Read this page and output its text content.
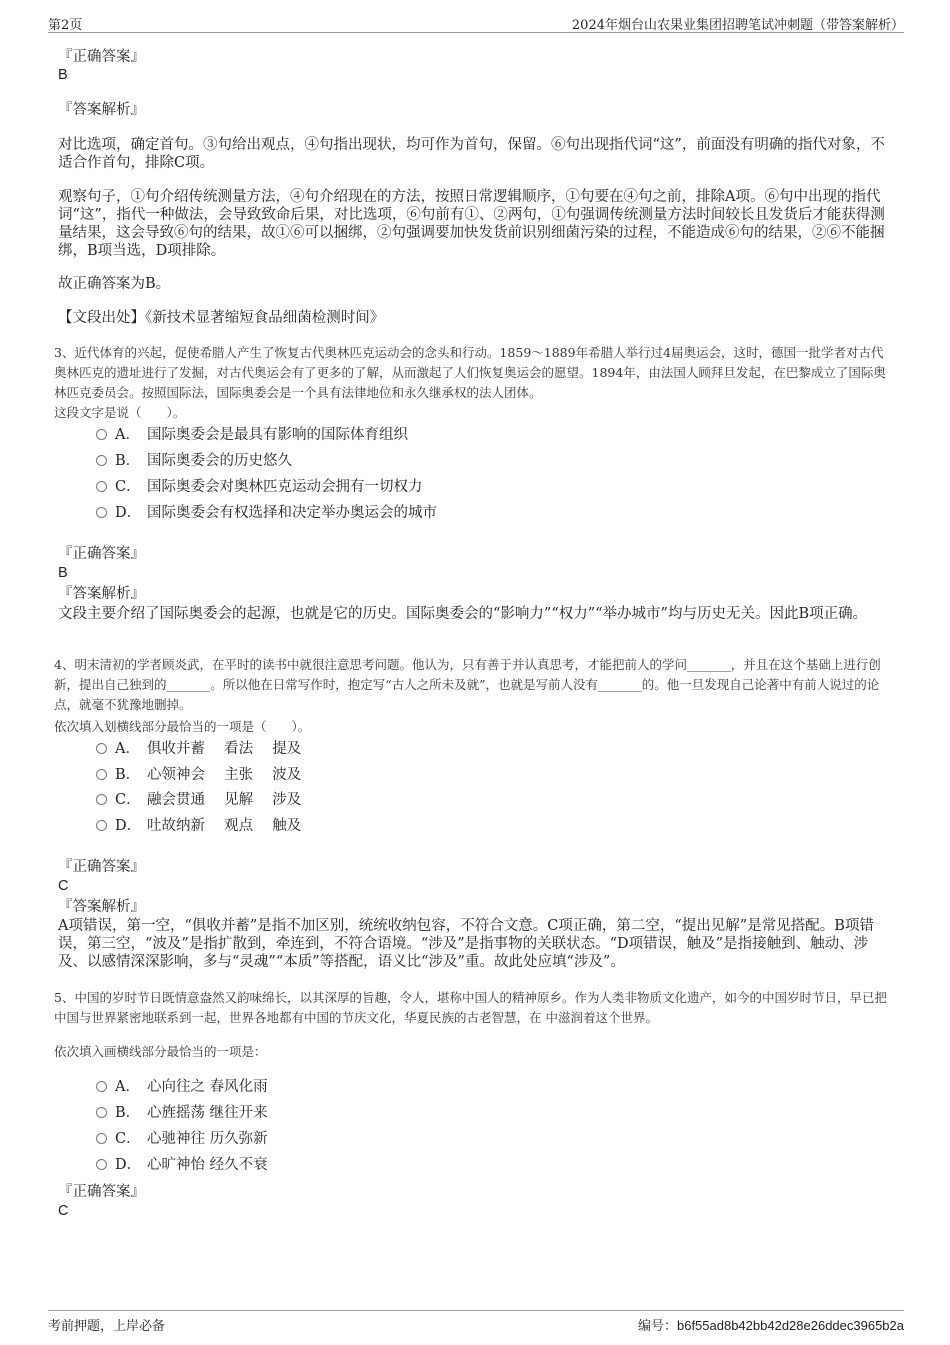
第2页	2024年烟台山农果业集团招聘笔试冲刺题（带答案解析）
『正确答案』
B
『答案解析』
对比选项，确定首句。③句给出观点，④句指出现状，均可作为首句，保留。⑥句出现指代词“这”，前面没有明确的指代对象，不适合作首句，排除C项。
观察句子，①句介绍传统测量方法，④句介绍现在的方法，按照日常逻辑顺序，①句要在④句之前，排除A项。⑥句中出现的指代词“这”，指代一种做法，会导致致命后果，对比选项，⑥句前有①、②两句，①句强调传统测量方法时间较长且发货后才能获得测量结果，这会导致⑥句的结果，故①⑥可以捆绑，②句强调要加快发货前识别细菌污染的过程，不能造成⑥句的结果，②⑥不能捆绑，B项当选，D项排除。
故正确答案为B。
【文段出处】《新技术显著缩短食品细菌检测时间》
3、近代体育的兴起，促使希腊人产生了恢复古代奥林匹克运动会的念头和行动。1859～1889年希腊人举行过4届奥运会，这时，德国一批学者对古代奥林匹克的遗址进行了发掘，对古代奥运会有了更多的了解，从而激起了人们恢复奥运会的愿望。1894年，由法国人顾拜旦发起，在巴黎成立了国际奥林匹克委员会。按照国际法，国际奥委会是一个具有法律地位和永久继承权的法人团体。
这段文字是说（　　）。
A． 国际奥委会是最具有影响的国际体育组织
B． 国际奥委会的历史悠久
C． 国际奥委会对奥林匹克运动会拥有一切权力
D． 国际奥委会有权选择和决定举办奥运会的城市
『正确答案』
B
『答案解析』
文段主要介绍了国际奥委会的起源，也就是它的历史。国际奥委会的“影响力”“权力”“举办城市”均与历史无关。因此B项正确。
4、明末清初的学者顾炎武，在平时的读书中就很注意思考问题。他认为，只有善于并认真思考，才能把前人的学问_______，并且在这个基础上进行创新，提出自己独到的_______。所以他在日常写作时，抱定写“古人之所未及就”，也就是写前人没有_______的。他一旦发现自己论著中有前人说过的论点，就毫不犹豫地删掉。
依次填入划横线部分最恰当的一项是（　　）。
A． 俱收并蓄　 看法　 提及
B． 心领神会　 主张　 波及
C． 融会贯通　 见解　 涉及
D． 吐故纳新　 观点　 触及
『正确答案』
C
『答案解析』
A项错误，第一空，“俱收并蓄”是指不加区别，统统收纳包容，不符合文意。C项正确，第二空，“提出见解”是常见搭配。B项错误，第三空，“波及”是指扩散到，牵连到，不符合语境。“涉及”是指事物的关联状态。“D项错误，触及”是指接触到、触动、涉及、以感情深深影响，多与“灵魂”“本质”等搭配，语义比“涉及”重。故此处应填“涉及”。
5、中国的岁时节日既情意盎然又韵味绵长，以其深厚的旨趣，令人，堪称中国人的精神原乡。作为人类非物质文化遗产，如今的中国岁时节日，早已把中国与世界紧密地联系到一起，世界各地都有中国的节庆文化，华夏民族的古老智慧，在 中滋润着这个世界。
依次填入画横线部分最恰当的一项是：
A． 心向往之 春风化雨
B． 心旌摇荡 继往开来
C． 心驰神往 历久弥新
D． 心旷神怡 经久不衰
『正确答案』
C
考前押题，上岸必备	编号：b6f55ad8b42bb42d28e26ddec3965b2a
